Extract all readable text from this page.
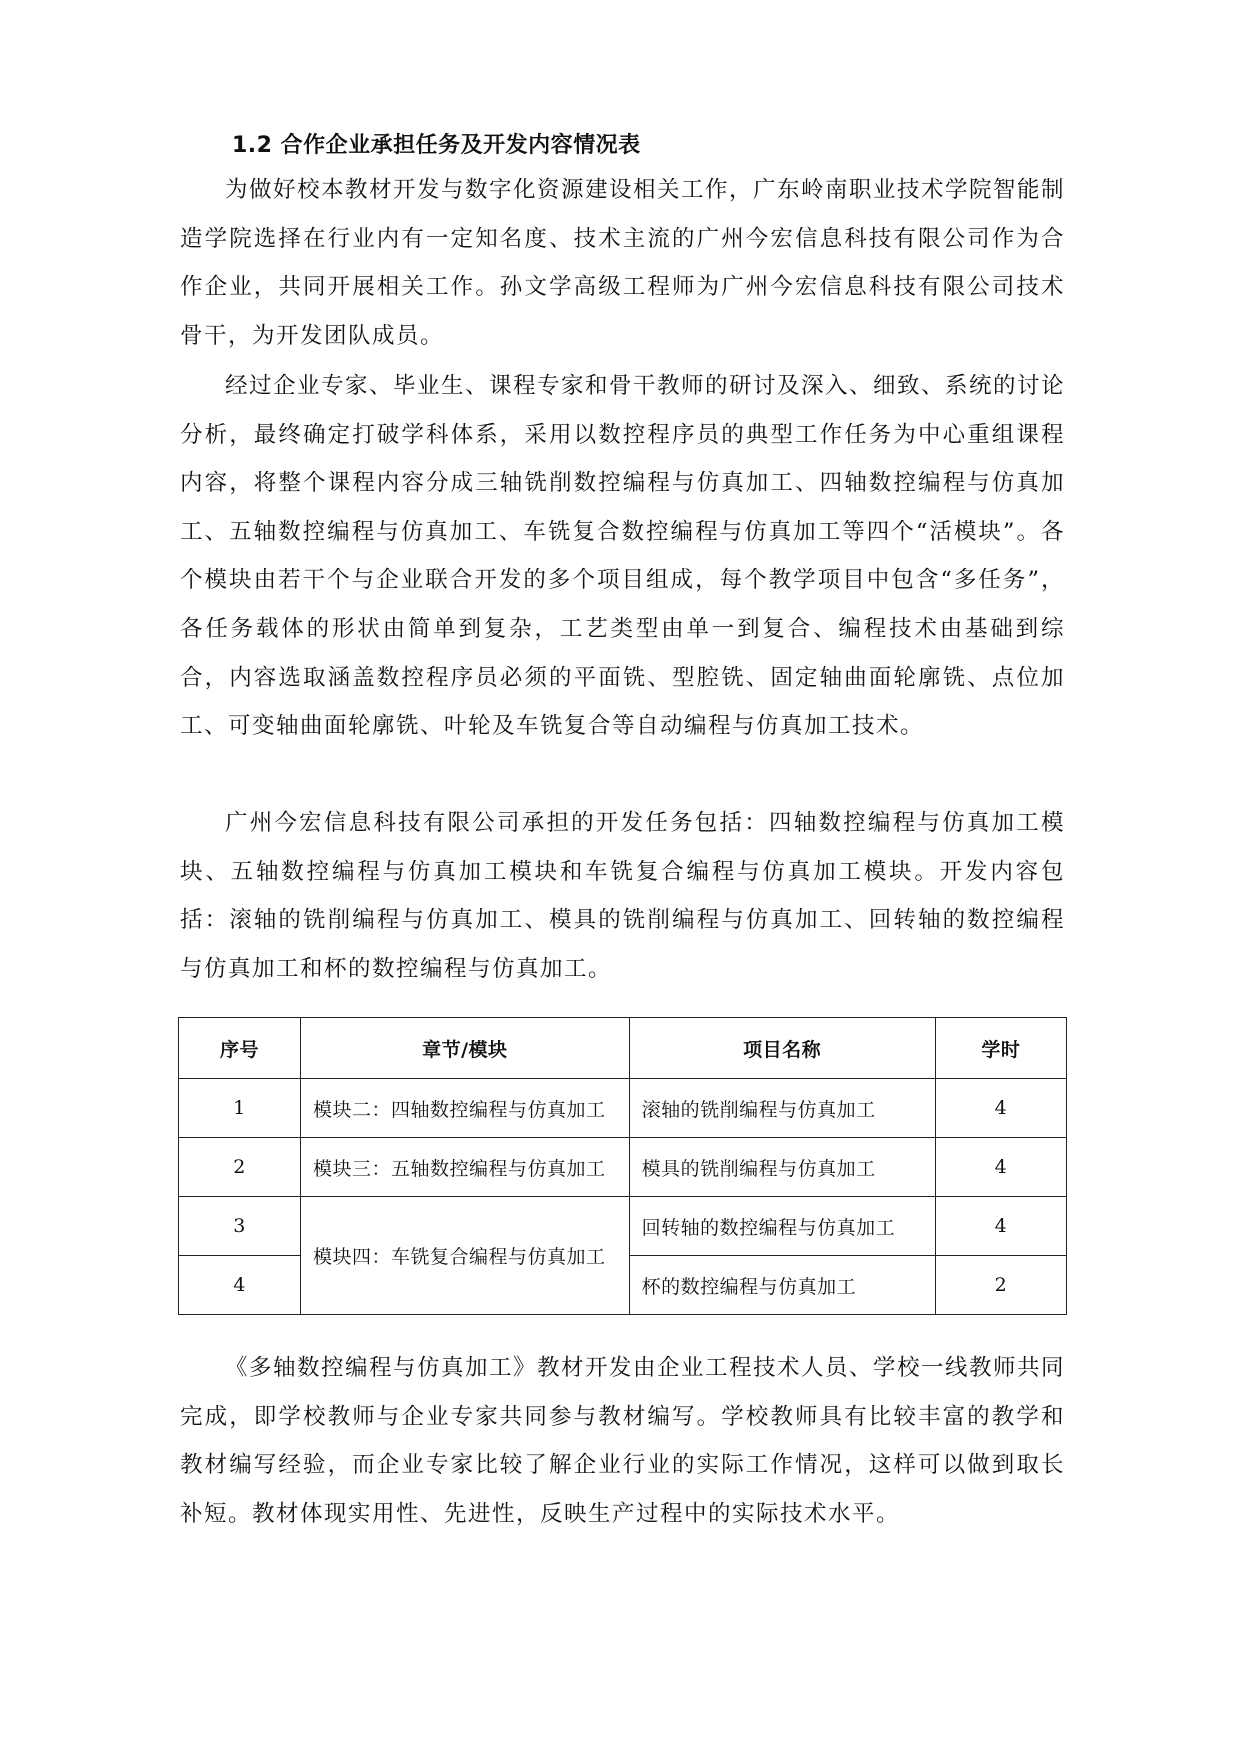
1.2 合作企业承担任务及开发内容情况表

为做好校本教材开发与数字化资源建设相关工作，广东岭南职业技术学院智能制造学院选择在行业内有一定知名度、技术主流的广州今宏信息科技有限公司作为合作企业，共同开展相关工作。孙文学高级工程师为广州今宏信息科技有限公司技术骨干，为开发团队成员。

经过企业专家、毕业生、课程专家和骨干教师的研讨及深入、细致、系统的讨论分析，最终确定打破学科体系，采用以数控程序员的典型工作任务为中心重组课程内容，将整个课程内容分成三轴铣削数控编程与仿真加工、四轴数控编程与仿真加工、五轴数控编程与仿真加工、车铣复合数控编程与仿真加工等四个“活模块”。各个模块由若干个与企业联合开发的多个项目组成，每个教学项目中包含“多任务”，各任务载体的形状由简单到复杂，工艺类型由单一到复合、编程技术由基础到综合，内容选取涵盖数控程序员必须的平面铣、型腔铣、固定轴曲面轮廓铣、点位加工、可变轴曲面轮廓铣、叶轮及车铣复合等自动编程与仿真加工技术。

广州今宏信息科技有限公司承担的开发任务包括：四轴数控编程与仿真加工模块、五轴数控编程与仿真加工模块和车铣复合编程与仿真加工模块。开发内容包括：滚轴的铣削编程与仿真加工、模具的铣削编程与仿真加工、回转轴的数控编程与仿真加工和杯的数控编程与仿真加工。

序号	章节/模块	项目名称	学时
1	模块二：四轴数控编程与仿真加工	滚轴的铣削编程与仿真加工	4
2	模块三：五轴数控编程与仿真加工	模具的铣削编程与仿真加工	4
3	模块四：车铣复合编程与仿真加工	回转轴的数控编程与仿真加工	4
4		杯的数控编程与仿真加工	2

《多轴数控编程与仿真加工》教材开发由企业工程技术人员、学校一线教师共同完成，即学校教师与企业专家共同参与教材编写。学校教师具有比较丰富的教学和教材编写经验，而企业专家比较了解企业行业的实际工作情况，这样可以做到取长补短。教材体现实用性、先进性，反映生产过程中的实际技术水平。
